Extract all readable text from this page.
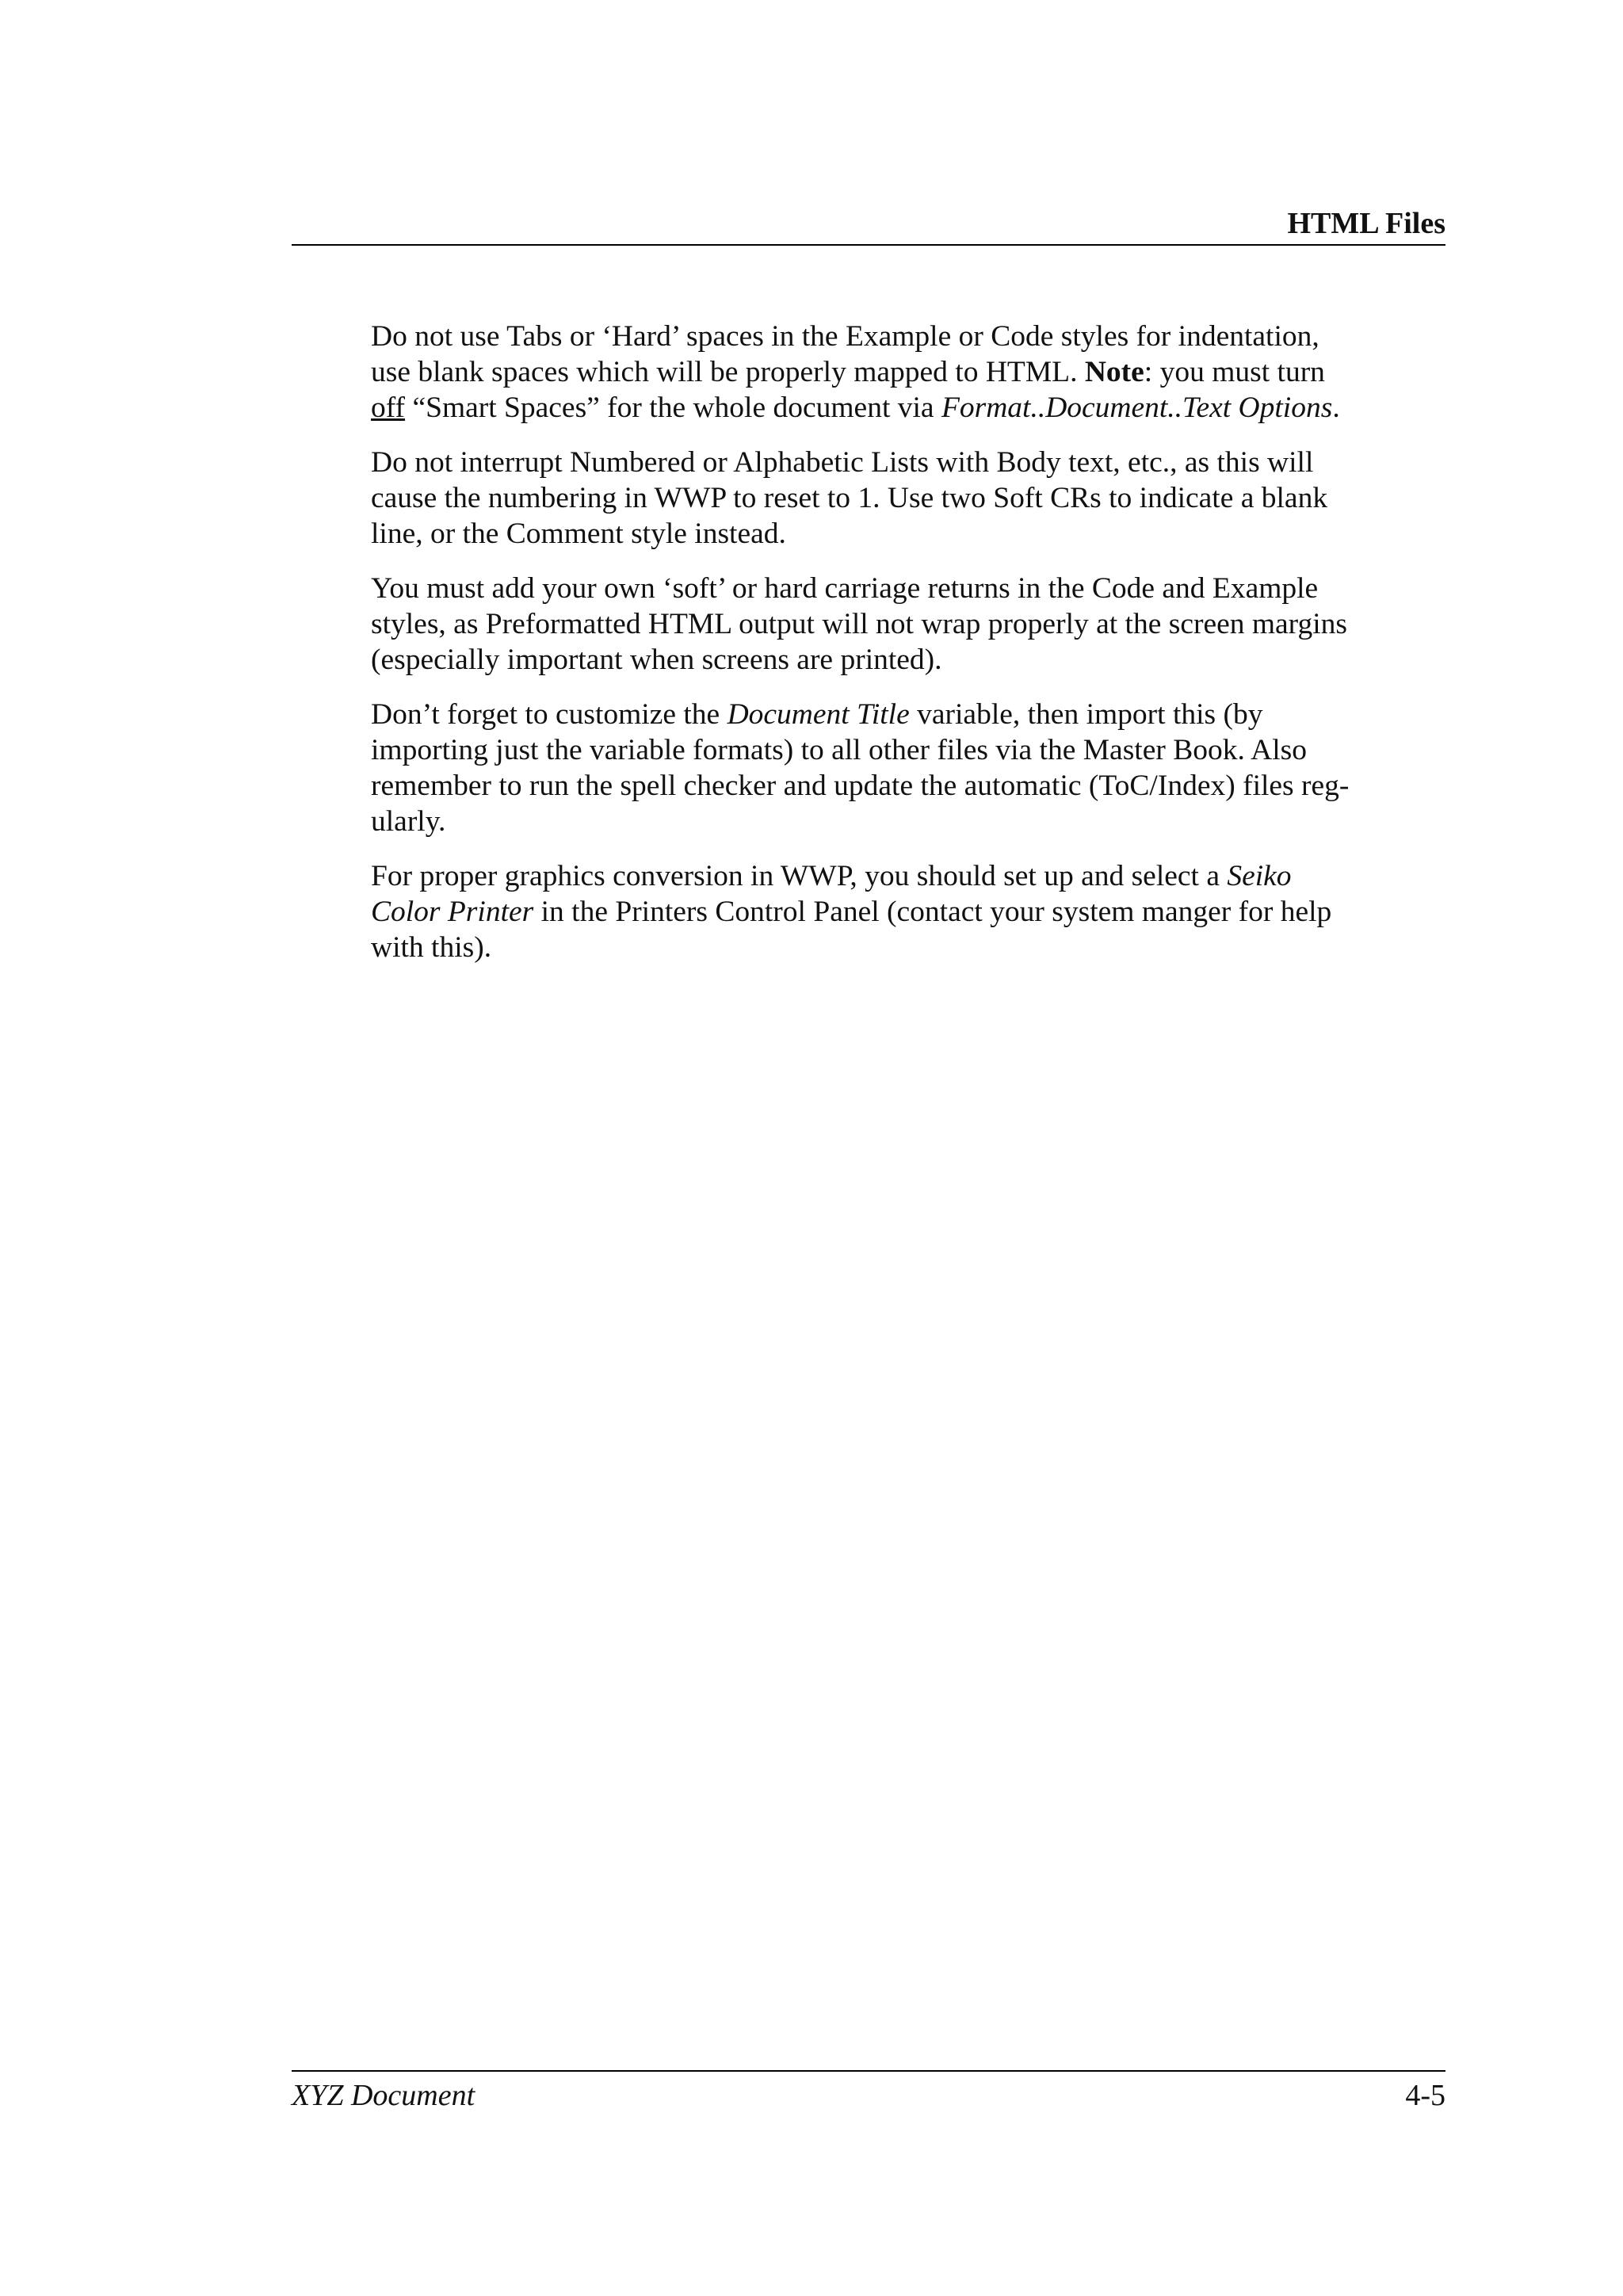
HTML Files

Do not use Tabs or ‘Hard’ spaces in the Example or Code styles for indentation,
use blank spaces which will be properly mapped to HTML. Note: you must turn
off “Smart Spaces” for the whole document via Format..Document..Text Options.

Do not interrupt Numbered or Alphabetic Lists with Body text, etc., as this will
cause the numbering in WWP to reset to 1. Use two Soft CRs to indicate a blank
line, or the Comment style instead.

You must add your own ‘soft’ or hard carriage returns in the Code and Example
styles, as Preformatted HTML output will not wrap properly at the screen margins
(especially important when screens are printed).

Don’t forget to customize the Document Title variable, then import this (by
importing just the variable formats) to all other files via the Master Book. Also
remember to run the spell checker and update the automatic (ToC/Index) files reg-
ularly.

For proper graphics conversion in WWP, you should set up and select a Seiko
Color Printer in the Printers Control Panel (contact your system manger for help
with this).

XYZ Document	4-5
